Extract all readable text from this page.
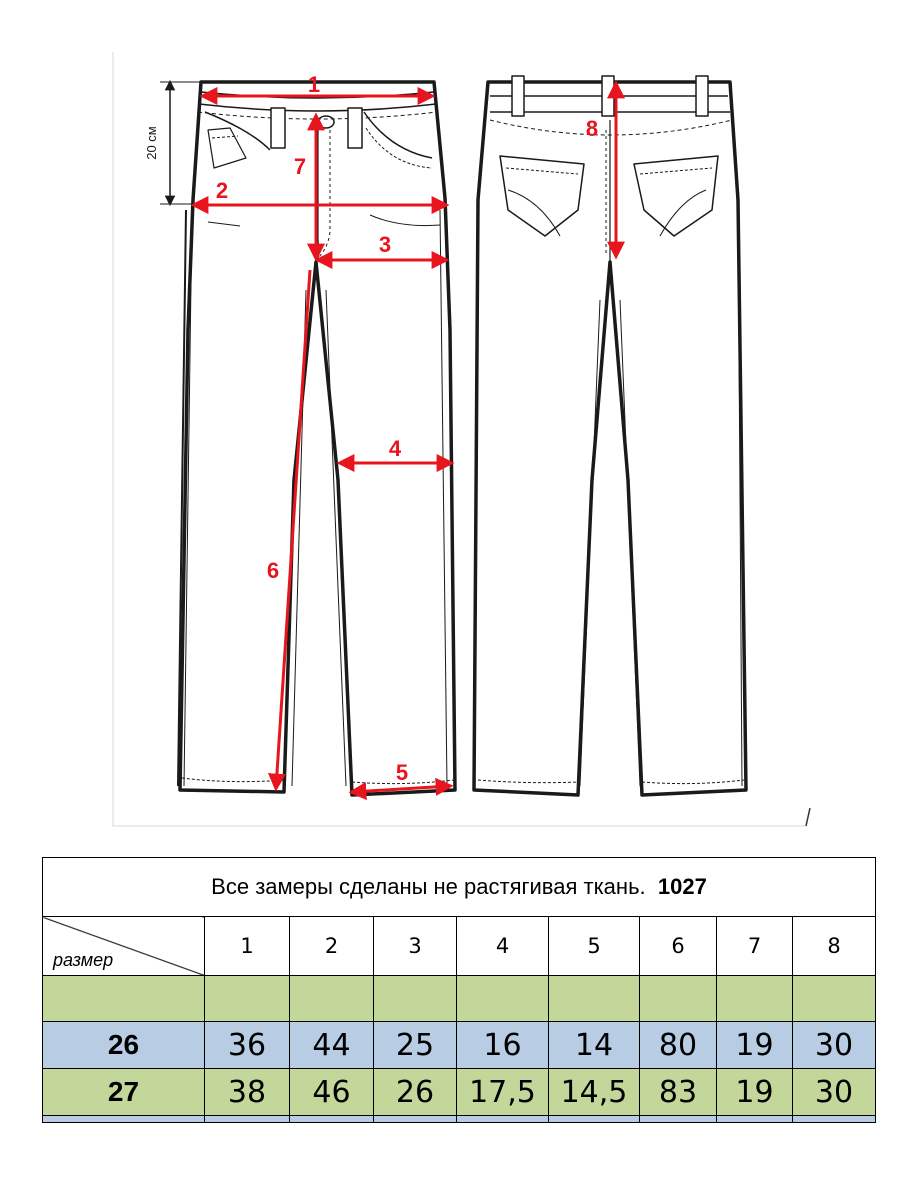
20 см
1
2
3
4
5
6
7
8
Все замеры сделаны не растягивая ткань. 1027								

размер	1	2	3	4	5	6	7	8

26	36	44	25	16	14	80	19	30
27	38	46	26	17,5	14,5	83	19	30
